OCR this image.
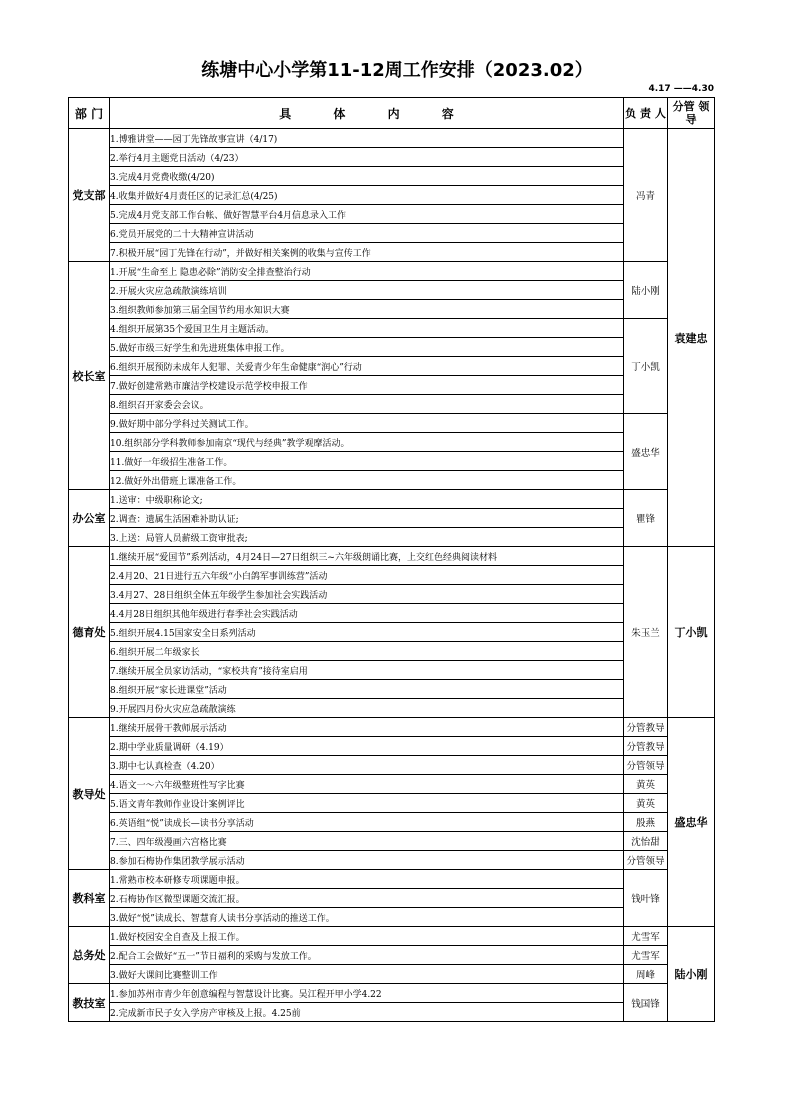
练塘中心小学第11-12周工作安排（2023.02）
4.17 ——4.30
部 门	具 体 内 容	负 责 人	分管 领导
党支部	1.博雅讲堂——园丁先锋故事宣讲（4/17)	冯青	袁建忠
	2.举行4月主题党日活动（4/23）		
	3.完成4月党费收缴(4/20)		
	4.收集并做好4月责任区的记录汇总(4/25)		
	5.完成4月党支部工作台帐、做好智慧平台4月信息录入工作		
	6.党员开展党的二十大精神宣讲活动		
	7.积极开展“园丁先锋在行动”，并做好相关案例的收集与宣传工作		
校长室	1.开展“生命至上 隐患必除”消防安全排查整治行动	陆小刚	
	2.开展火灾应急疏散演练培训		
	3.组织教师参加第三届全国节约用水知识大赛		
	4.组织开展第35个爱国卫生月主题活动。	丁小凯	
	5.做好市级三好学生和先进班集体申报工作。		
	6.组织开展预防未成年人犯罪、关爱青少年生命健康“润心”行动		
	7.做好创建常熟市廉洁学校建设示范学校申报工作		
	8.组织召开家委会会议。		
	9.做好期中部分学科过关测试工作。	盛忠华	
	10.组织部分学科教师参加南京“现代与经典”教学观摩活动。		
	11.做好一年级招生准备工作。		
	12.做好外出借班上课准备工作。		
办公室	1.送审：中级职称论文;	瞿锋	
	2.调查：遗属生活困难补助认证;		
	3.上送：局管人员薪级工资审批表;		
德育处	1.继续开展“爱国节”系列活动，4月24日—27日组织三~六年级朗诵比赛，上交红色经典阅读材料	朱玉兰	丁小凯
	2.4月20、21日进行五六年级“小白鸽军事训练营”活动		
	3.4月27、28日组织全体五年级学生参加社会实践活动		
	4.4月28日组织其他年级进行春季社会实践活动		
	5.组织开展4.15国家安全日系列活动		
	6.组织开展二年级家长		
	7.继续开展全员家访活动，“家校共育”接待室启用		
	8.组织开展“家长进课堂”活动		
	9.开展四月份火灾应急疏散演练		
教导处	1.继续开展骨干教师展示活动	分管教导	盛忠华
	2.期中学业质量调研（4.19）	分管教导	
	3.期中七认真检查（4.20）	分管领导	
	4.语文一～六年级整班性写字比赛	黄英	
	5.语文青年教师作业设计案例评比	黄英	
	6.英语组“悦”读成长—读书分享活动	殷燕	
	7.三、四年级漫画六宫格比赛	沈怡甜	
	8.参加石梅协作集团教学展示活动	分管领导	
教科室	1.常熟市校本研修专项课题申报。	钱叶锋	
	2.石梅协作区微型课题交流汇报。		
	3.做好“悦”读成长、智慧育人读书分享活动的推送工作。		
总务处	1.做好校园安全自查及上报工作。	尤雪军	陆小刚
	2.配合工会做好“五一”节日福利的采购与发放工作。	尤雪军	
	3.做好大课间比赛整训工作	周峰	
教技室	1.参加苏州市青少年创意编程与智慧设计比赛。吴江程开甲小学4.22	钱国锋	
	2.完成新市民子女入学房产审核及上报。4.25前		
